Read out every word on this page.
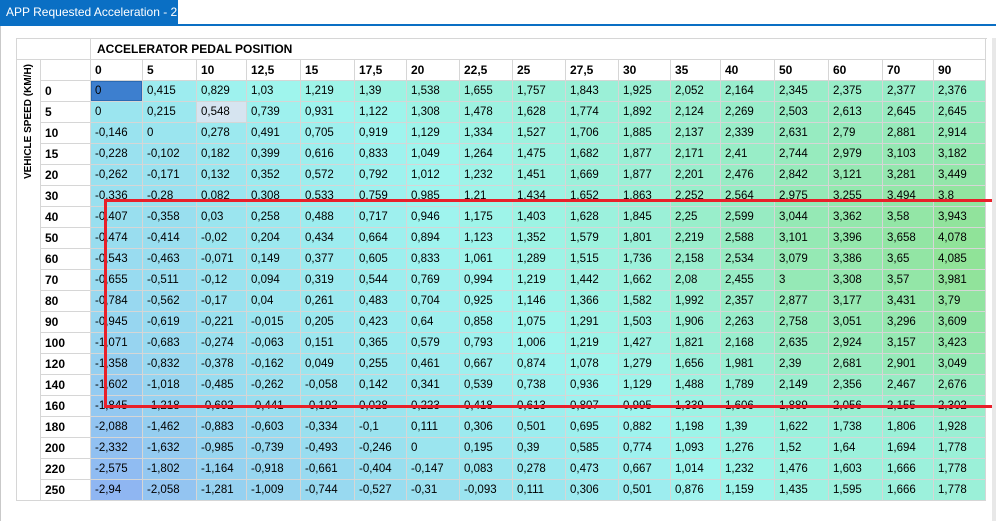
APP Requested Acceleration - 2
		ACCELERATOR PEDAL POSITION																	

VEHICLE SPEED (KM/H)		0	5	10	12,5	15	17,5	20	22,5	25	27,5	30	35	40	50	60	70	90	
	0	0	0,415	0,829	1,03	1,219	1,39	1,538	1,655	1,757	1,843	1,925	2,052	2,164	2,345	2,375	2,377	2,376	
	5	0	0,215	0,548	0,739	0,931	1,122	1,308	1,478	1,628	1,774	1,892	2,124	2,269	2,503	2,613	2,645	2,645	
	10	-0,146	0	0,278	0,491	0,705	0,919	1,129	1,334	1,527	1,706	1,885	2,137	2,339	2,631	2,79	2,881	2,914	
	15	-0,228	-0,102	0,182	0,399	0,616	0,833	1,049	1,264	1,475	1,682	1,877	2,171	2,41	2,744	2,979	3,103	3,182	
	20	-0,262	-0,171	0,132	0,352	0,572	0,792	1,012	1,232	1,451	1,669	1,877	2,201	2,476	2,842	3,121	3,281	3,449	
	30	-0,336	-0,28	0,082	0,308	0,533	0,759	0,985	1,21	1,434	1,652	1,863	2,252	2,564	2,975	3,255	3,494	3,8	
	40	-0,407	-0,358	0,03	0,258	0,488	0,717	0,946	1,175	1,403	1,628	1,845	2,25	2,599	3,044	3,362	3,58	3,943	
	50	-0,474	-0,414	-0,02	0,204	0,434	0,664	0,894	1,123	1,352	1,579	1,801	2,219	2,588	3,101	3,396	3,658	4,078	
	60	-0,543	-0,463	-0,071	0,149	0,377	0,605	0,833	1,061	1,289	1,515	1,736	2,158	2,534	3,079	3,386	3,65	4,085	
	70	-0,655	-0,511	-0,12	0,094	0,319	0,544	0,769	0,994	1,219	1,442	1,662	2,08	2,455	3	3,308	3,57	3,981	
	80	-0,784	-0,562	-0,17	0,04	0,261	0,483	0,704	0,925	1,146	1,366	1,582	1,992	2,357	2,877	3,177	3,431	3,79	
	90	-0,945	-0,619	-0,221	-0,015	0,205	0,423	0,64	0,858	1,075	1,291	1,503	1,906	2,263	2,758	3,051	3,296	3,609	
	100	-1,071	-0,683	-0,274	-0,063	0,151	0,365	0,579	0,793	1,006	1,219	1,427	1,821	2,168	2,635	2,924	3,157	3,423	
	120	-1,358	-0,832	-0,378	-0,162	0,049	0,255	0,461	0,667	0,874	1,078	1,279	1,656	1,981	2,39	2,681	2,901	3,049	
	140	-1,602	-1,018	-0,485	-0,262	-0,058	0,142	0,341	0,539	0,738	0,936	1,129	1,488	1,789	2,149	2,356	2,467	2,676	
	160	-1,845	-1,218	-0,692	-0,441	-0,192	0,028	0,223	0,418	0,613	0,807	0,995	1,339	1,606	1,889	2,056	2,155	2,302	
	180	-2,088	-1,462	-0,883	-0,603	-0,334	-0,1	0,111	0,306	0,501	0,695	0,882	1,198	1,39	1,622	1,738	1,806	1,928	
	200	-2,332	-1,632	-0,985	-0,739	-0,493	-0,246	0	0,195	0,39	0,585	0,774	1,093	1,276	1,52	1,64	1,694	1,778	
	220	-2,575	-1,802	-1,164	-0,918	-0,661	-0,404	-0,147	0,083	0,278	0,473	0,667	1,014	1,232	1,476	1,603	1,666	1,778	
	250	-2,94	-2,058	-1,281	-1,009	-0,744	-0,527	-0,31	-0,093	0,111	0,306	0,501	0,876	1,159	1,435	1,595	1,666	1,778	
